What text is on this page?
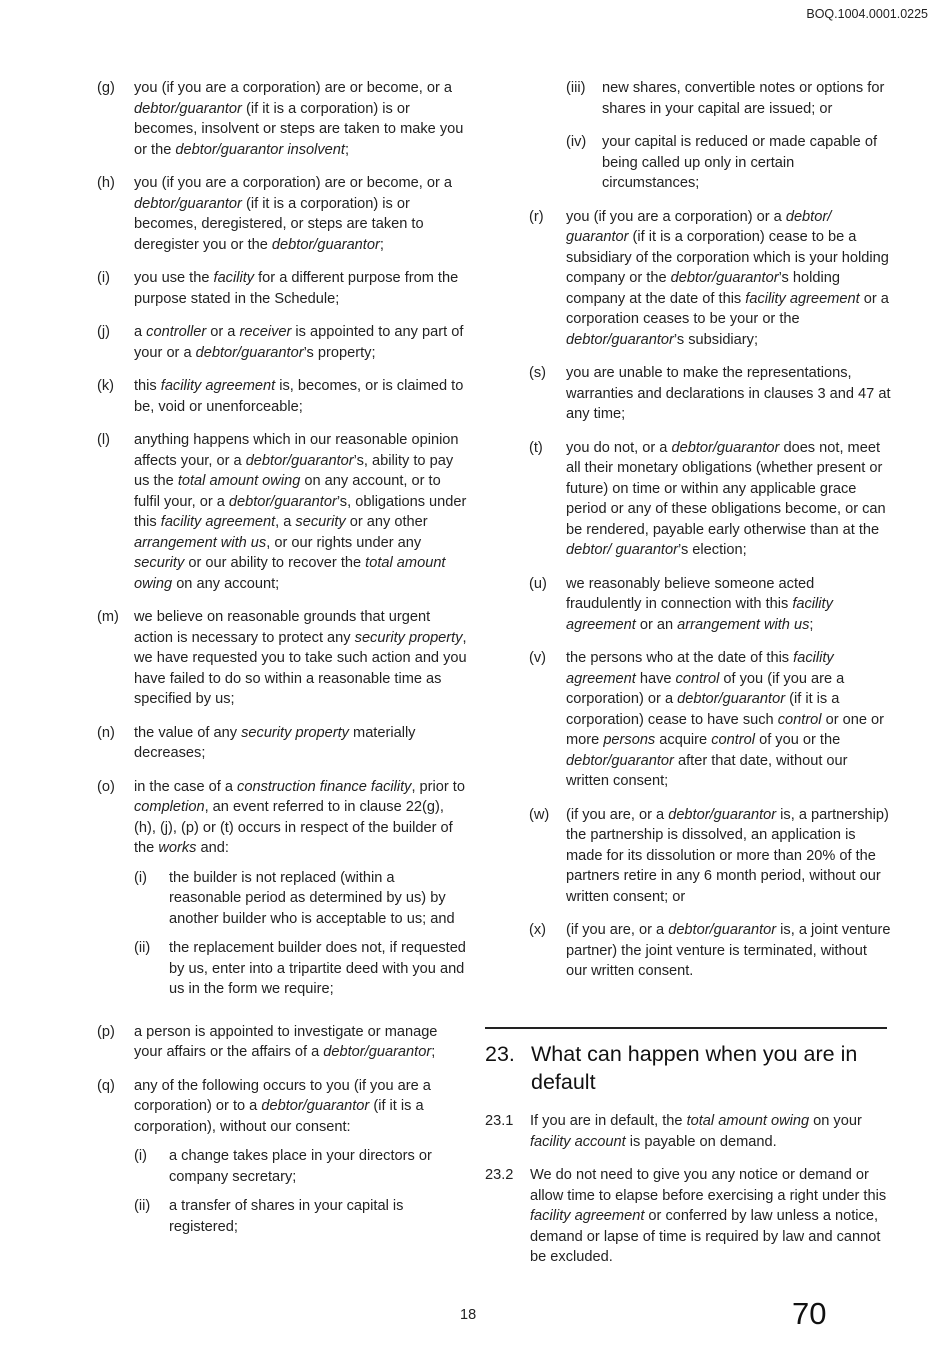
BOQ.1004.0001.0225
(g)	you (if you are a corporation) are or become, or a debtor/guarantor (if it is a corporation) is or becomes, insolvent or steps are taken to make you or the debtor/guarantor insolvent;
(h)	you (if you are a corporation) are or become, or a debtor/guarantor (if it is a corporation) is or becomes, deregistered, or steps are taken to deregister you or the debtor/guarantor;
(i)	you use the facility for a different purpose from the purpose stated in the Schedule;
(j)	a controller or a receiver is appointed to any part of your or a debtor/guarantor’s property;
(k)	this facility agreement is, becomes, or is claimed to be, void or unenforceable;
(l)	anything happens which in our reasonable opinion affects your, or a debtor/guarantor’s, ability to pay us the total amount owing on any account, or to fulfil your, or a debtor/guarantor’s, obligations under this facility agreement, a security or any other arrangement with us, or our rights under any security or our ability to recover the total amount owing on any account;
(m)	we believe on reasonable grounds that urgent action is necessary to protect any security property, we have requested you to take such action and you have failed to do so within a reasonable time as specified by us;
(n)	the value of any security property materially decreases;
(o)	in the case of a construction finance facility, prior to completion, an event referred to in clause 22(g), (h), (j), (p) or (t) occurs in respect of the builder of the works and:
(i)	the builder is not replaced (within a reasonable period as determined by us) by another builder who is acceptable to us; and
(ii)	the replacement builder does not, if requested by us, enter into a tripartite deed with you and us in the form we require;
(p)	a person is appointed to investigate or manage your affairs or the affairs of a debtor/guarantor;
(q)	any of the following occurs to you (if you are a corporation) or to a debtor/guarantor (if it is a corporation), without our consent:
(i)	a change takes place in your directors or company secretary;
(ii)	a transfer of shares in your capital is registered;
(iii)	new shares, convertible notes or options for shares in your capital are issued; or
(iv)	your capital is reduced or made capable of being called up only in certain circumstances;
(r)	you (if you are a corporation) or a debtor/ guarantor (if it is a corporation) cease to be a subsidiary of the corporation which is your holding company or the debtor/guarantor’s holding company at the date of this facility agreement or a corporation ceases to be your or the debtor/guarantor’s subsidiary;
(s)	you are unable to make the representations, warranties and declarations in clauses 3 and 47 at any time;
(t)	you do not, or a debtor/guarantor does not, meet all their monetary obligations (whether present or future) on time or within any applicable grace period or any of these obligations become, or can be rendered, payable early otherwise than at the debtor/ guarantor’s election;
(u)	we reasonably believe someone acted fraudulently in connection with this facility agreement or an arrangement with us;
(v)	the persons who at the date of this facility agreement have control of you (if you are a corporation) or a debtor/guarantor (if it is a corporation) cease to have such control or one or more persons acquire control of you or the debtor/guarantor after that date, without our written consent;
(w)	(if you are, or a debtor/guarantor is, a partnership) the partnership is dissolved, an application is made for its dissolution or more than 20% of the partners retire in any 6 month period, without our written consent; or
(x)	(if you are, or a debtor/guarantor is, a joint venture partner) the joint venture is terminated, without our written consent.
23. What can happen when you are in default
23.1	If you are in default, the total amount owing on your facility account is payable on demand.
23.2	We do not need to give you any notice or demand or allow time to elapse before exercising a right under this facility agreement or conferred by law unless a notice, demand or lapse of time is required by law and cannot be excluded.
18	70
